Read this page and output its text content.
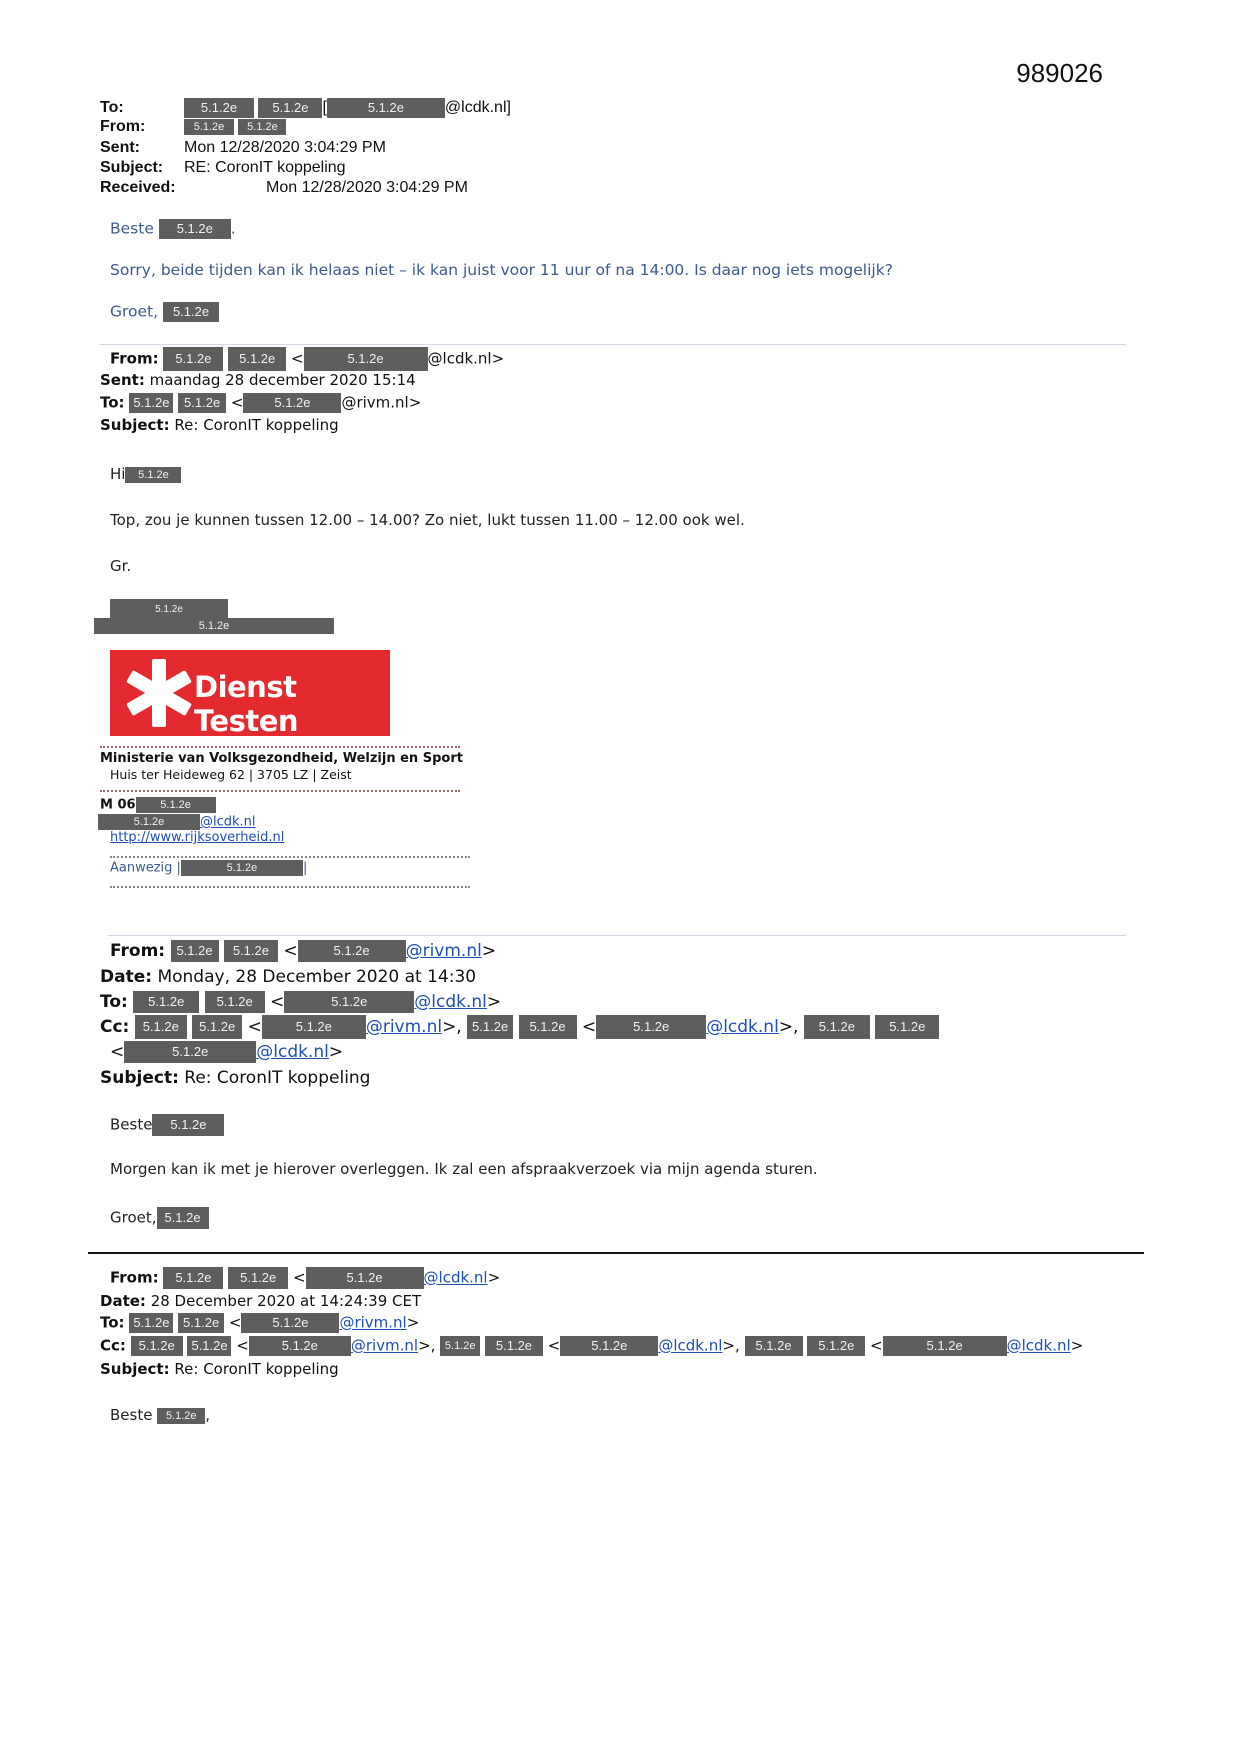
989026
To:	5.1.2e	5.1.2e [	5.1.2e	@lcdk.nl]
From:	5.1.2e 5.1.2e
Sent:	Mon 12/28/2020 3:04:29 PM
Subject: RE: CoronIT koppeling
Received:	Mon 12/28/2020 3:04:29 PM
Beste 5.1.2e .
Sorry, beide tijden kan ik helaas niet – ik kan juist voor 11 uur of na 14:00. Is daar nog iets mogelijk?
Groet, 5.1.2e
From: 5.1.2e 5.1.2e <	5.1.2e	@lcdk.nl>
Sent: maandag 28 december 2020 15:14
To: 5.1.2e 5.1.2e < 5.1.2e @rivm.nl>
Subject: Re: CoronIT koppeling
Hi 5.1.2e
Top, zou je kunnen tussen 12.00 – 14.00? Zo niet, lukt tussen 11.00 – 12.00 ook wel.
Gr.
5.1.2e
5.1.2e
Dienst Testen
Ministerie van Volksgezondheid, Welzijn en Sport
Huis ter Heideweg 62 | 3705 LZ | Zeist
M 06 5.1.2e
5.1.2e	@lcdk.nl
http://www.rijksoverheid.nl
Aanwezig |	5.1.2e	|
From: 5.1.2e 5.1.2e <	5.1.2e @rivm.nl>
Date: Monday, 28 December 2020 at 14:30
To: 5.1.2e 5.1.2e <	5.1.2e	@lcdk.nl>
Cc: 5.1.2e 5.1.2e <	5.1.2e @rivm.nl>, 5.1.2e 5.1.2e <	5.1.2e @lcdk.nl>, 5.1.2e	5.1.2e
<	5.1.2e	@lcdk.nl>
Subject: Re: CoronIT koppeling
Beste 5.1.2e
Morgen kan ik met je hierover overleggen. Ik zal een afspraakverzoek via mijn agenda sturen.
Groet, 5.1.2e
From: 5.1.2e 5.1.2e <	5.1.2e	@lcdk.nl>
Date: 28 December 2020 at 14:24:39 CET
To: 5.1.2e 5.1.2e < 5.1.2e @rivm.nl>
Cc: 5.1.2e 5.1.2e <	5.1.2e @rivm.nl>, 5.1.2e 5.1.2e < 5.1.2e @lcdk.nl>, 5.1.2e 5.1.2e <	5.1.2e	@lcdk.nl>
Subject: Re: CoronIT koppeling
Beste 5.1.2e ,
